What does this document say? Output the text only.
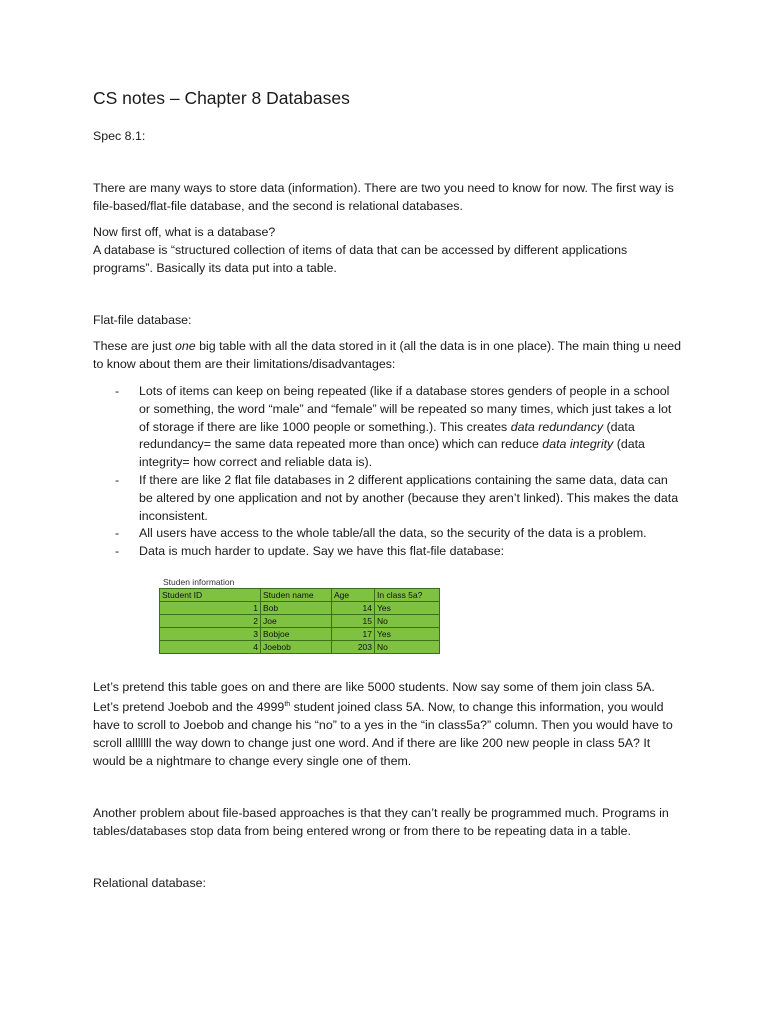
CS notes – Chapter 8 Databases

Spec 8.1:

There are many ways to store data (information). There are two you need to know for now. The first way is file-based/flat-file database, and the second is relational databases.

Now first off, what is a database?

A database is “structured collection of items of data that can be accessed by different applications programs”. Basically its data put into a table.

Flat-file database:

These are just one big table with all the data stored in it (all the data is in one place). The main thing u need to know about them are their limitations/disadvantages:

- Lots of items can keep on being repeated (like if a database stores genders of people in a school or something, the word “male” and “female” will be repeated so many times, which just takes a lot of storage if there are like 1000 people or something.). This creates data redundancy (data redundancy= the same data repeated more than once) which can reduce data integrity (data integrity= how correct and reliable data is).
- If there are like 2 flat file databases in 2 different applications containing the same data, data can be altered by one application and not by another (because they aren’t linked). This makes the data inconsistent.
- All users have access to the whole table/all the data, so the security of the data is a problem.
- Data is much harder to update. Say we have this flat-file database:
Studen information
Student ID	Studen name	Age	In class 5a?
1	Bob	14	Yes
2	Joe	15	No
3	Bobjoe	17	Yes
4	Joebob	203	No

Let’s pretend this table goes on and there are like 5000 students. Now say some of them join class 5A. Let’s pretend Joebob and the 4999th student joined class 5A. Now, to change this information, you would have to scroll to Joebob and change his “no” to a yes in the “in class5a?” column. Then you would have to scroll alllllll the way down to change just one word. And if there are like 200 new people in class 5A? It would be a nightmare to change every single one of them.

Another problem about file-based approaches is that they can’t really be programmed much. Programs in tables/databases stop data from being entered wrong or from there to be repeating data in a table.

Relational database:
